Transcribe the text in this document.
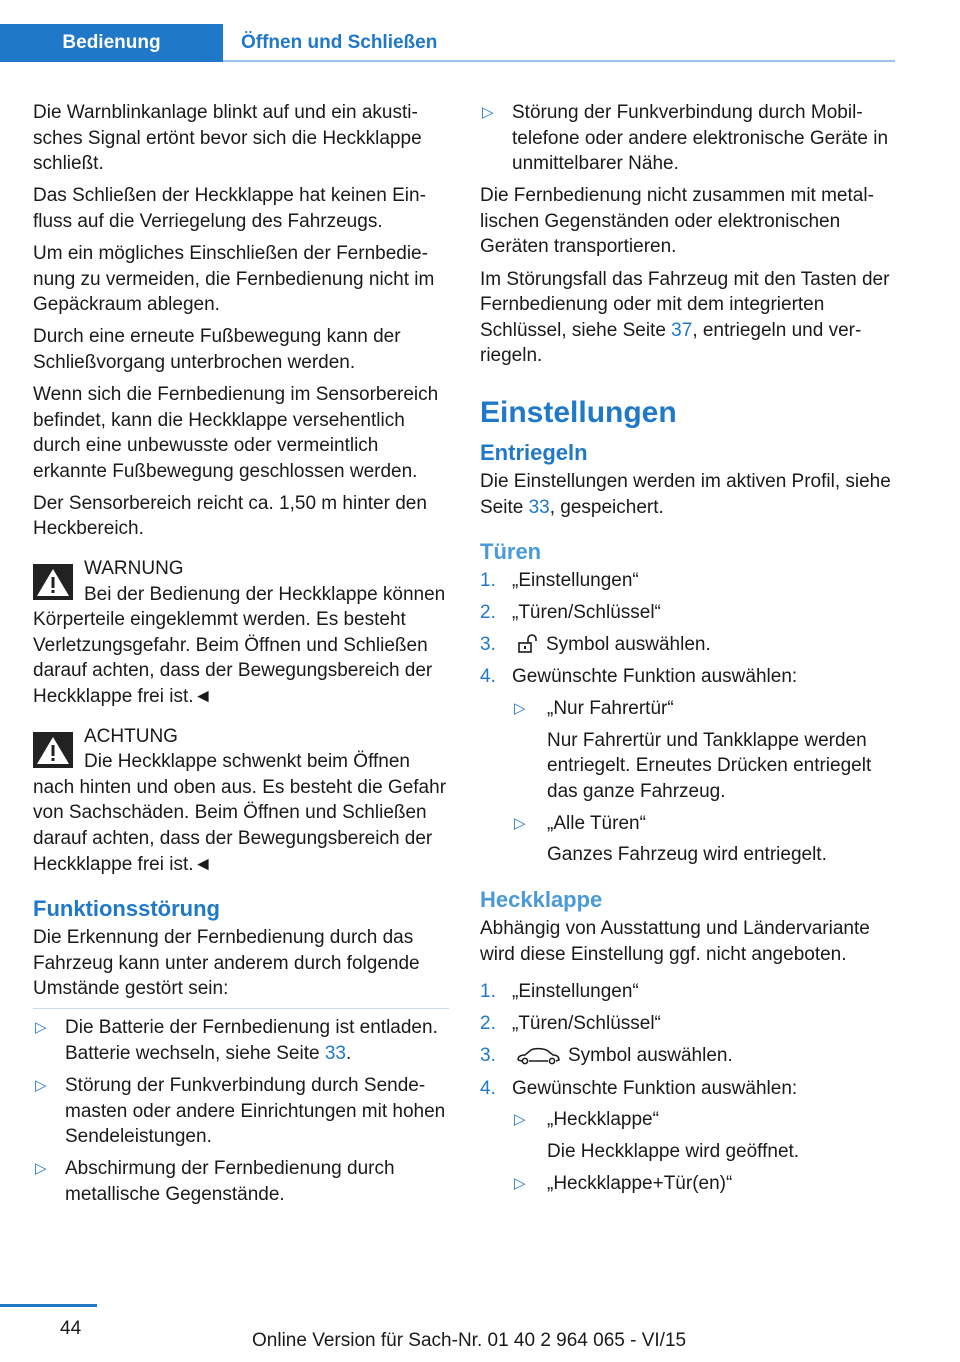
Bedienung	Öffnen und Schließen

Die Warnblinkanlage blinkt auf und ein akustisches Signal ertönt bevor sich die Heckklappe schließt.

Das Schließen der Heckklappe hat keinen Einfluss auf die Verriegelung des Fahrzeugs.

Um ein mögliches Einschließen der Fernbedienung zu vermeiden, die Fernbedienung nicht im Gepäckraum ablegen.

Durch eine erneute Fußbewegung kann der Schließvorgang unterbrochen werden.

Wenn sich die Fernbedienung im Sensorbereich befindet, kann die Heckklappe versehentlich durch eine unbewusste oder vermeintlich erkannte Fußbewegung geschlossen werden.

Der Sensorbereich reicht ca. 1,50 m hinter den Heckbereich.

WARNUNG
Bei der Bedienung der Heckklappe können Körperteile eingeklemmt werden. Es besteht Verletzungsgefahr. Beim Öffnen und Schließen darauf achten, dass der Bewegungsbereich der Heckklappe frei ist.◄
ACHTUNG
Die Heckklappe schwenkt beim Öffnen nach hinten und oben aus. Es besteht die Gefahr von Sachschäden. Beim Öffnen und Schließen darauf achten, dass der Bewegungsbereich der Heckklappe frei ist.◄
Funktionsstörung

Die Erkennung der Fernbedienung durch das Fahrzeug kann unter anderem durch folgende Umstände gestört sein:

▷ Die Batterie der Fernbedienung ist entladen. Batterie wechseln, siehe Seite 33.
▷ Störung der Funkverbindung durch Sendemasten oder andere Einrichtungen mit hohen Sendeleistungen.
▷ Abschirmung der Fernbedienung durch metallische Gegenstände.
▷ Störung der Funkverbindung durch Mobiltelefone oder andere elektronische Geräte in unmittelbarer Nähe.

Die Fernbedienung nicht zusammen mit metallischen Gegenständen oder elektronischen Geräten transportieren.

Im Störungsfall das Fahrzeug mit den Tasten der Fernbedienung oder mit dem integrierten Schlüssel, siehe Seite 37, entriegeln und verriegeln.

Einstellungen
Entriegeln

Die Einstellungen werden im aktiven Profil, siehe Seite 33, gespeichert.

Türen
1. „Einstellungen“
2. „Türen/Schlüssel“
3.	Symbol auswählen.
4. Gewünschte Funktion auswählen:
▷ „Nur Fahrertür“
Nur Fahrertür und Tankklappe werden entriegelt. Erneutes Drücken entriegelt das ganze Fahrzeug.
▷ „Alle Türen“
Ganzes Fahrzeug wird entriegelt.
Heckklappe

Abhängig von Ausstattung und Ländervariante wird diese Einstellung ggf. nicht angeboten.

1. „Einstellungen“
2. „Türen/Schlüssel“
3.	Symbol auswählen.
4. Gewünschte Funktion auswählen:
▷ „Heckklappe“
Die Heckklappe wird geöffnet.
▷ „Heckklappe+Tür(en)“
44
Online Version für Sach-Nr. 01 40 2 964 065 - VI/15
